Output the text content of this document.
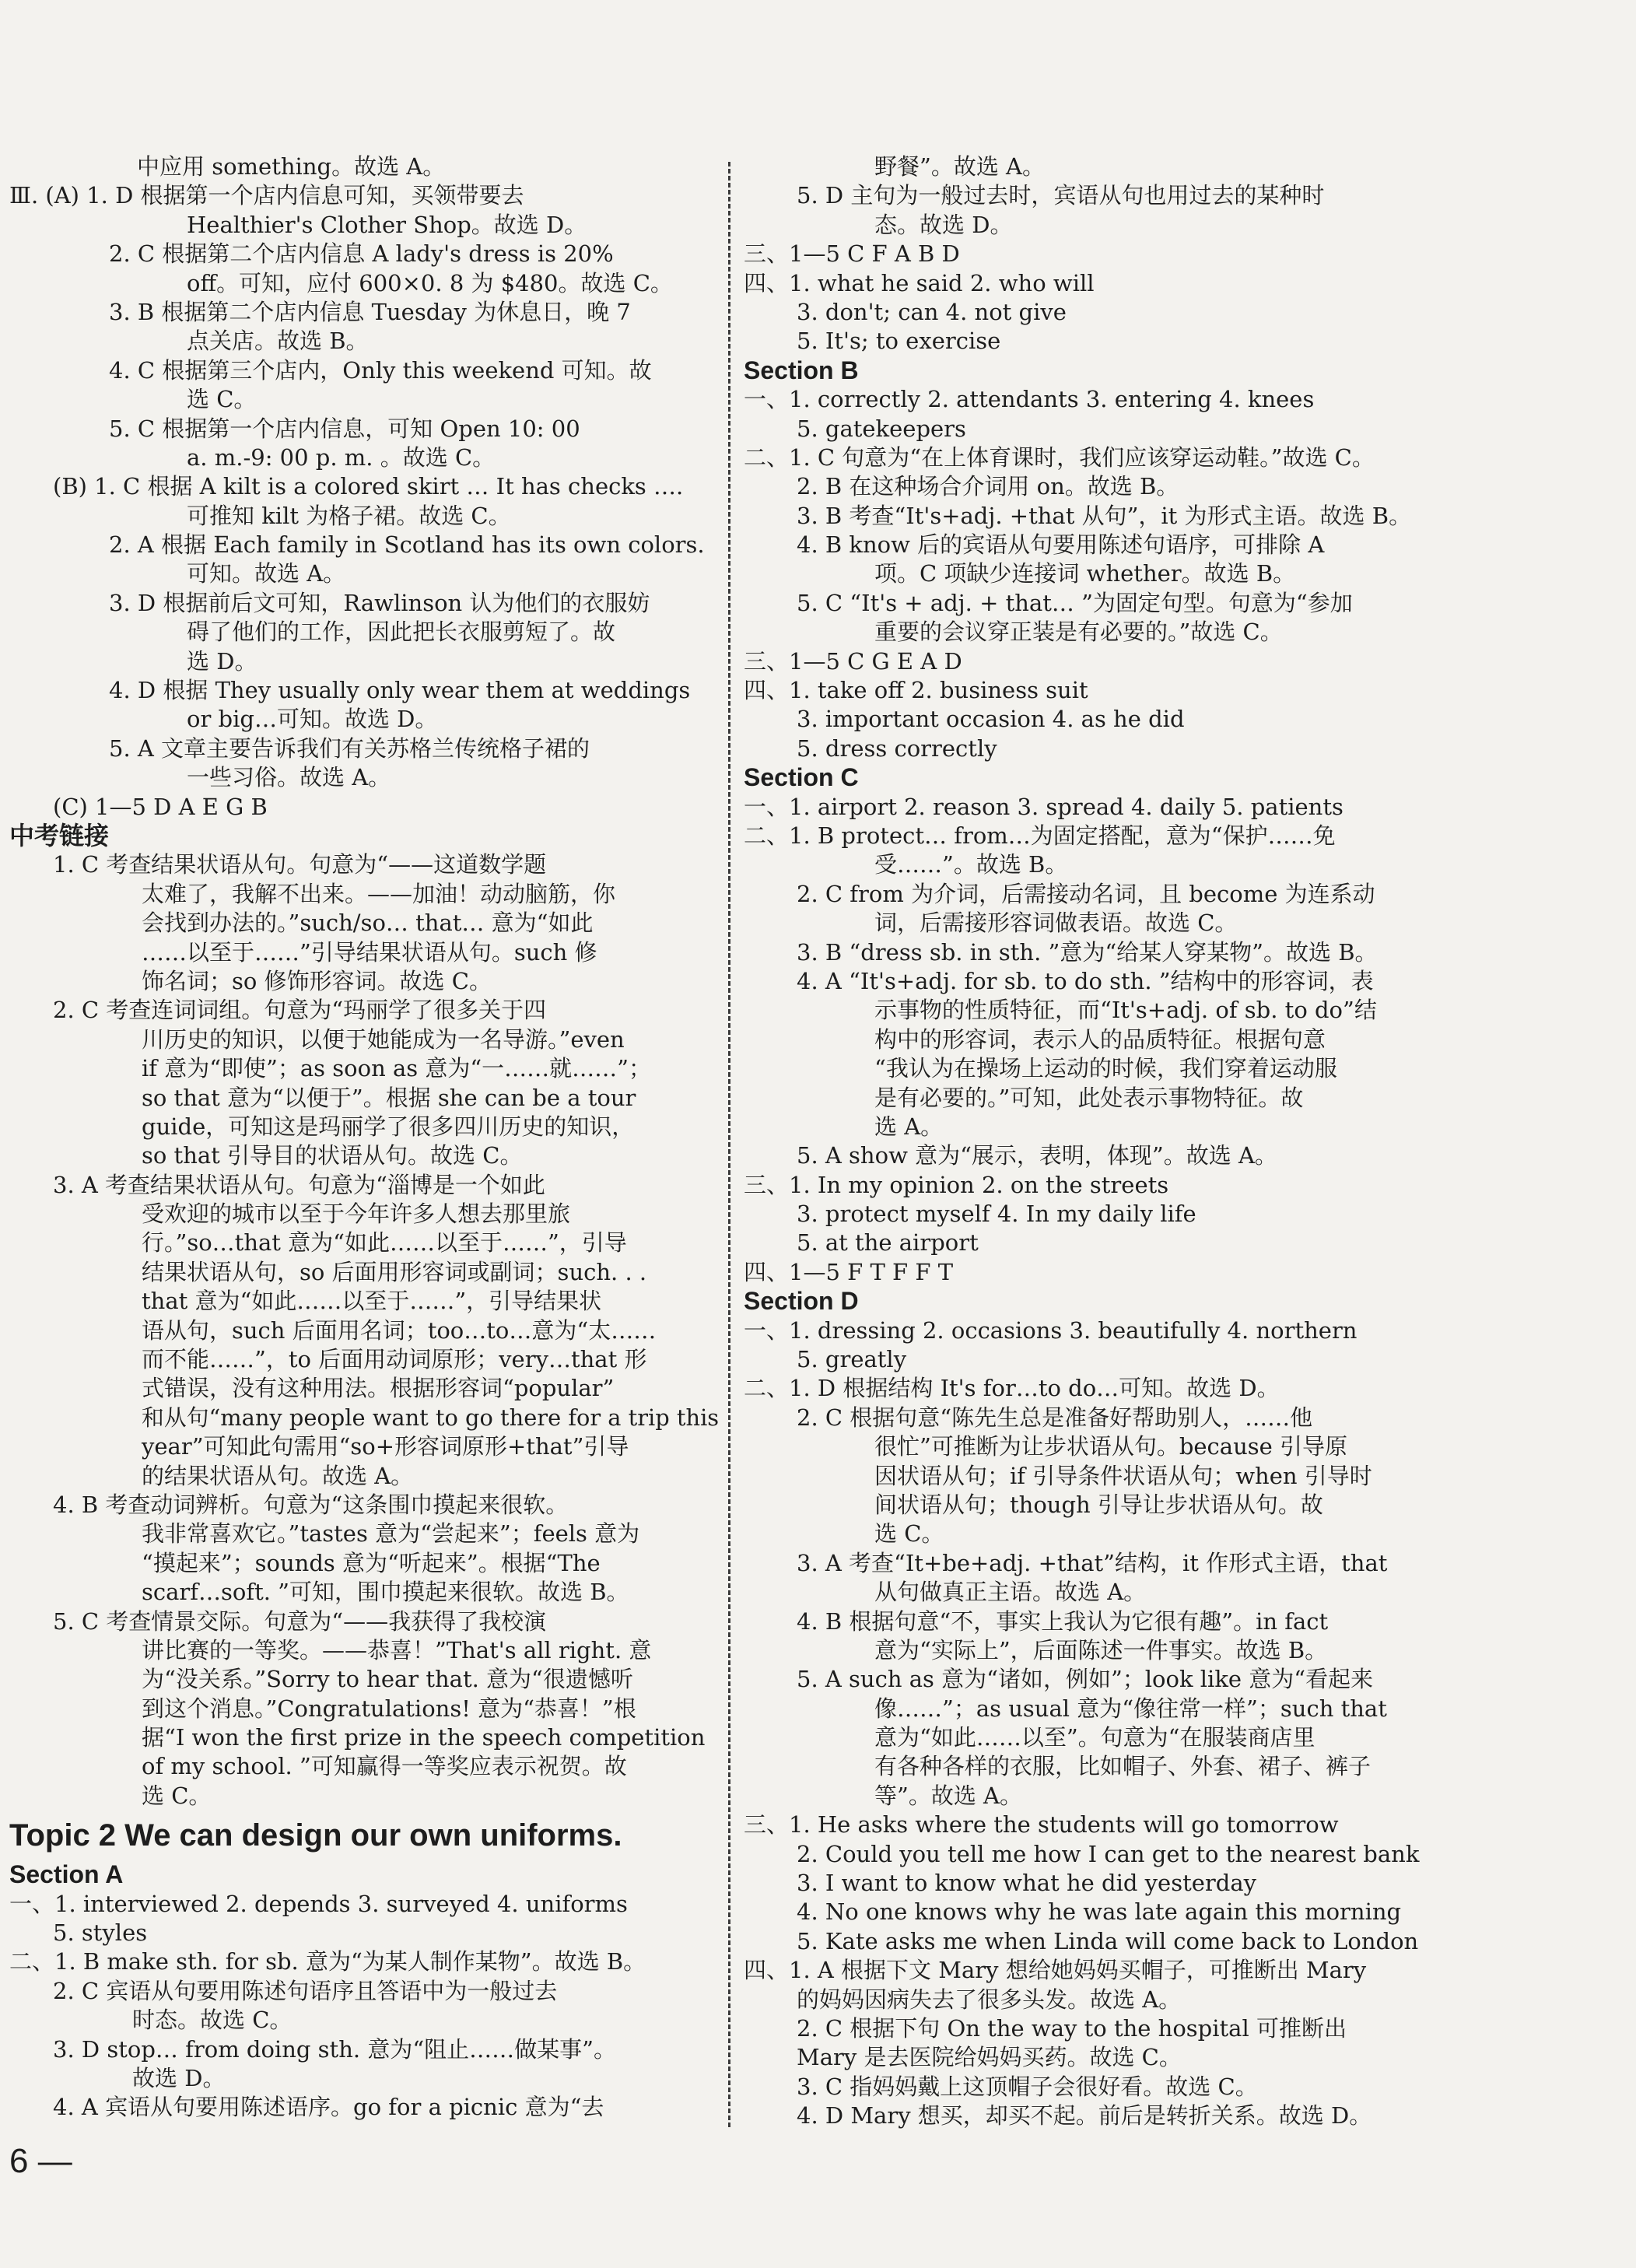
中应用 something。故选 A。
Ⅲ. (A) 1. D 根据第一个店内信息可知，买领带要去
Healthier's Clother Shop。故选 D。
2. C 根据第二个店内信息 A lady's dress is 20%
off。可知，应付 600×0. 8 为 $480。故选 C。
3. B 根据第二个店内信息 Tuesday 为休息日，晚 7
点关店。故选 B。
4. C 根据第三个店内，Only this weekend 可知。故
选 C。
5. C 根据第一个店内信息，可知 Open 10: 00
a. m.-9: 00 p. m. 。故选 C。
(B) 1. C 根据 A kilt is a colored skirt … It has checks ….
可推知 kilt 为格子裙。故选 C。
2. A 根据 Each family in Scotland has its own colors.
可知。故选 A。
3. D 根据前后文可知，Rawlinson 认为他们的衣服妨
碍了他们的工作，因此把长衣服剪短了。故
选 D。
4. D 根据 They usually only wear them at weddings
or big…可知。故选 D。
5. A 文章主要告诉我们有关苏格兰传统格子裙的
一些习俗。故选 A。
(C) 1—5 D A E G B
中考链接
1. C 考查结果状语从句。句意为“——这道数学题
太难了，我解不出来。——加油！动动脑筋，你
会找到办法的。”such/so… that… 意为“如此
……以至于……”引导结果状语从句。such 修
饰名词；so 修饰形容词。故选 C。
2. C 考查连词词组。句意为“玛丽学了很多关于四
川历史的知识，以便于她能成为一名导游。”even
if 意为“即使”；as soon as 意为“一……就……”；
so that 意为“以便于”。根据 she can be a tour
guide，可知这是玛丽学了很多四川历史的知识，
so that 引导目的状语从句。故选 C。
3. A 考查结果状语从句。句意为“淄博是一个如此
受欢迎的城市以至于今年许多人想去那里旅
行。”so…that 意为“如此……以至于……”，引导
结果状语从句，so 后面用形容词或副词；such. . .
that 意为“如此……以至于……”，引导结果状
语从句，such 后面用名词；too…to…意为“太……
而不能……”，to 后面用动词原形；very…that 形
式错误，没有这种用法。根据形容词“popular”
和从句“many people want to go there for a trip this
year”可知此句需用“so+形容词原形+that”引导
的结果状语从句。故选 A。
4. B 考查动词辨析。句意为“这条围巾摸起来很软。
我非常喜欢它。”tastes 意为“尝起来”；feels 意为
“摸起来”；sounds 意为“听起来”。根据“The
scarf…soft. ”可知，围巾摸起来很软。故选 B。
5. C 考查情景交际。句意为“——我获得了我校演
讲比赛的一等奖。——恭喜！”That's all right. 意
为“没关系。”Sorry to hear that. 意为“很遗憾听
到这个消息。”Congratulations! 意为“恭喜！”根
据“I won the first prize in the speech competition
of my school. ”可知赢得一等奖应表示祝贺。故
选 C。
Topic 2 We can design our own uniforms.
Section A
一、1. interviewed 2. depends 3. surveyed 4. uniforms
5. styles
二、1. B make sth. for sb. 意为“为某人制作某物”。故选 B。
2. C 宾语从句要用陈述句语序且答语中为一般过去
时态。故选 C。
3. D stop… from doing sth. 意为“阻止……做某事”。
故选 D。
4. A 宾语从句要用陈述语序。go for a picnic 意为“去
野餐”。故选 A。
5. D 主句为一般过去时，宾语从句也用过去的某种时
态。故选 D。
三、1—5 C F A B D
四、1. what he said 2. who will
3. don't; can 4. not give
5. It's; to exercise
Section B
一、1. correctly 2. attendants 3. entering 4. knees
5. gatekeepers
二、1. C 句意为“在上体育课时，我们应该穿运动鞋。”故选 C。
2. B 在这种场合介词用 on。故选 B。
3. B 考查“It's+adj. +that 从句”，it 为形式主语。故选 B。
4. B know 后的宾语从句要用陈述句语序，可排除 A
项。C 项缺少连接词 whether。故选 B。
5. C “It's + adj. + that… ”为固定句型。句意为“参加
重要的会议穿正装是有必要的。”故选 C。
三、1—5 C G E A D
四、1. take off 2. business suit
3. important occasion 4. as he did
5. dress correctly
Section C
一、1. airport 2. reason 3. spread 4. daily 5. patients
二、1. B protect… from…为固定搭配，意为“保护……免
受……”。故选 B。
2. C from 为介词，后需接动名词，且 become 为连系动
词，后需接形容词做表语。故选 C。
3. B “dress sb. in sth. ”意为“给某人穿某物”。故选 B。
4. A “It's+adj. for sb. to do sth. ”结构中的形容词，表
示事物的性质特征，而“It's+adj. of sb. to do”结
构中的形容词，表示人的品质特征。根据句意
“我认为在操场上运动的时候，我们穿着运动服
是有必要的。”可知，此处表示事物特征。故
选 A。
5. A show 意为“展示，表明，体现”。故选 A。
三、1. In my opinion 2. on the streets
3. protect myself 4. In my daily life
5. at the airport
四、1—5 F T F F T
Section D
一、1. dressing 2. occasions 3. beautifully 4. northern
5. greatly
二、1. D 根据结构 It's for…to do…可知。故选 D。
2. C 根据句意“陈先生总是准备好帮助别人，……他
很忙”可推断为让步状语从句。because 引导原
因状语从句；if 引导条件状语从句；when 引导时
间状语从句；though 引导让步状语从句。故
选 C。
3. A 考查“It+be+adj. +that”结构，it 作形式主语，that
从句做真正主语。故选 A。
4. B 根据句意“不，事实上我认为它很有趣”。in fact
意为“实际上”，后面陈述一件事实。故选 B。
5. A such as 意为“诸如，例如”；look like 意为“看起来
像……”；as usual 意为“像往常一样”；such that
意为“如此……以至”。句意为“在服装商店里
有各种各样的衣服，比如帽子、外套、裙子、裤子
等”。故选 A。
三、1. He asks where the students will go tomorrow
2. Could you tell me how I can get to the nearest bank
3. I want to know what he did yesterday
4. No one knows why he was late again this morning
5. Kate asks me when Linda will come back to London
四、1. A 根据下文 Mary 想给她妈妈买帽子，可推断出 Mary
的妈妈因病失去了很多头发。故选 A。
2. C 根据下句 On the way to the hospital 可推断出
Mary 是去医院给妈妈买药。故选 C。
3. C 指妈妈戴上这顶帽子会很好看。故选 C。
4. D Mary 想买，却买不起。前后是转折关系。故选 D。
6 —
